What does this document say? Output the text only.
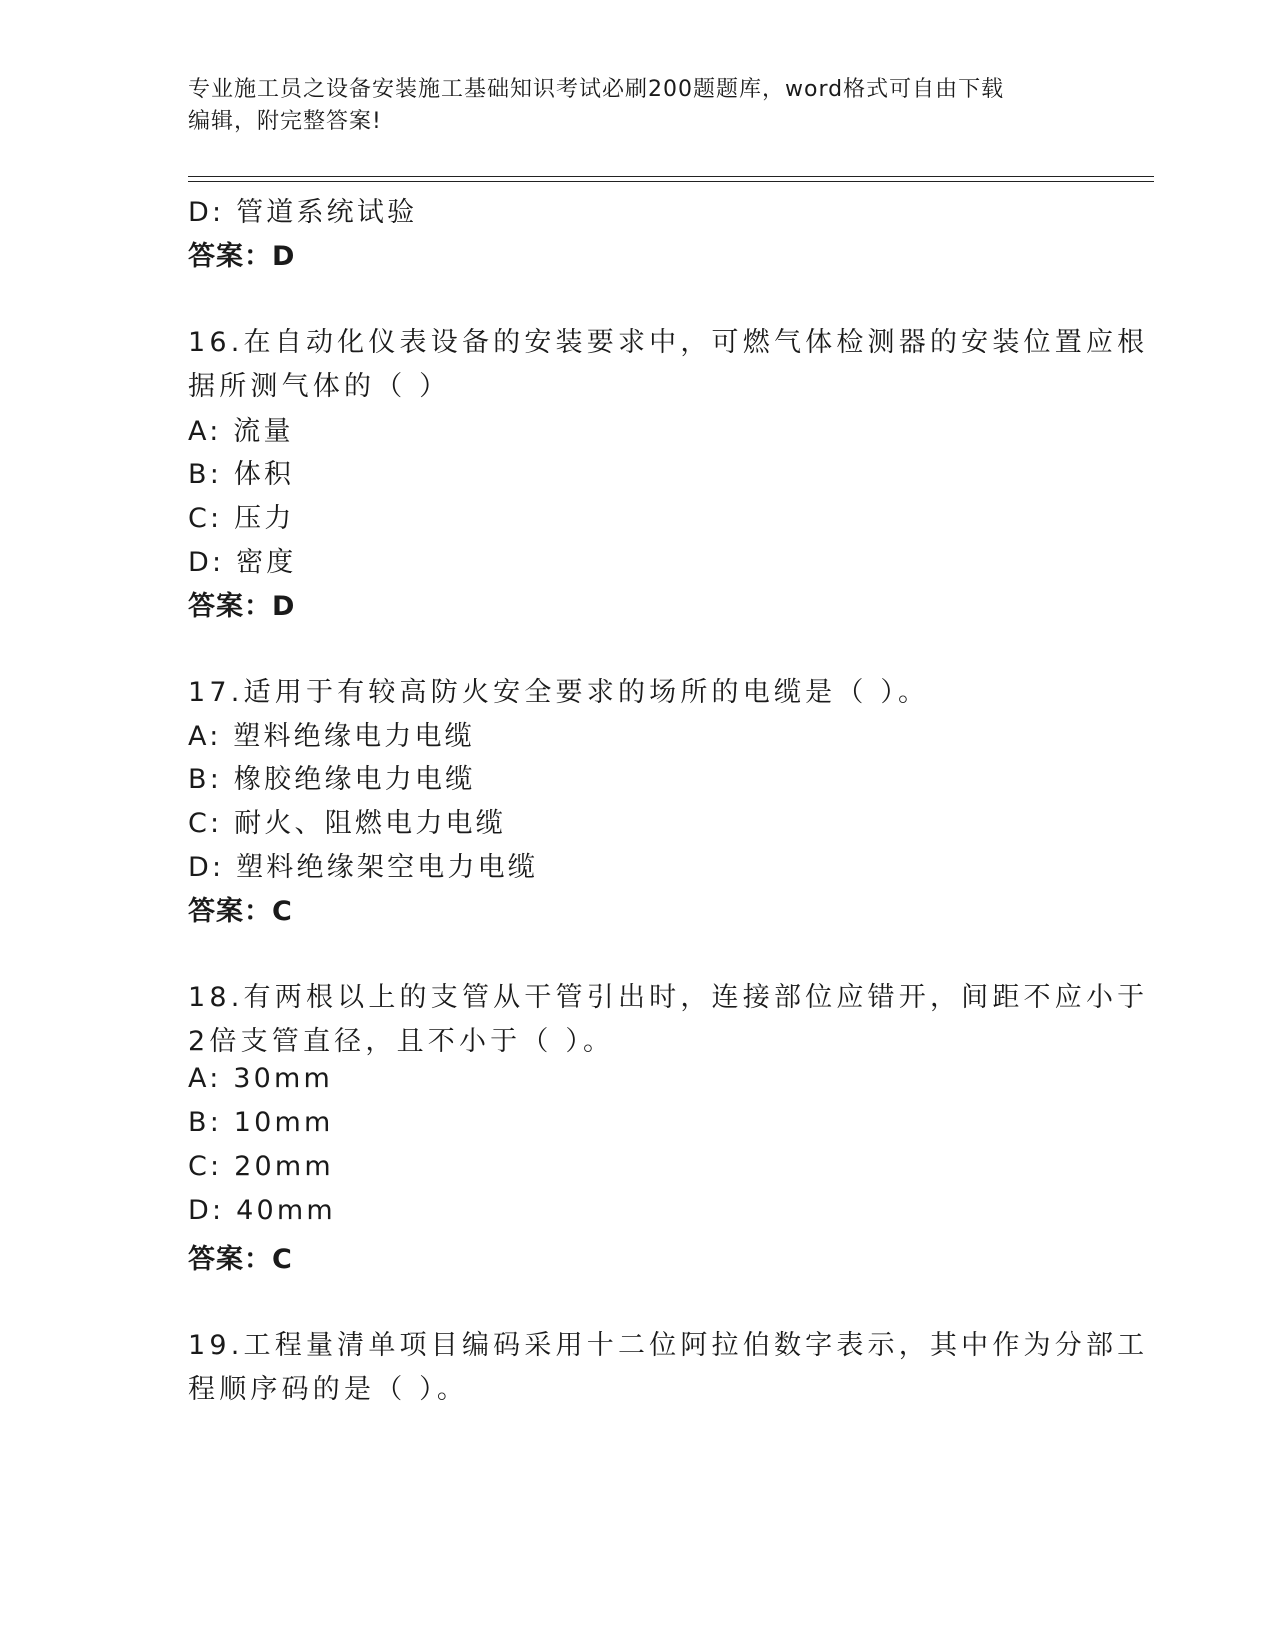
专业施工员之设备安装施工基础知识考试必刷200题题库，word格式可自由下载
编辑，附完整答案!
D: 管道系统试验
答案：D
16.在自动化仪表设备的安装要求中，可燃气体检测器的安装位置应根
据所测气体的（ ）
A: 流量
B: 体积
C: 压力
D: 密度
答案：D
17.适用于有较高防火安全要求的场所的电缆是（ ）。
A: 塑料绝缘电力电缆
B: 橡胶绝缘电力电缆
C: 耐火、阻燃电力电缆
D: 塑料绝缘架空电力电缆
答案：C
18.有两根以上的支管从干管引出时，连接部位应错开，间距不应小于
2倍支管直径，且不小于（ ）。
A: 30mm
B: 10mm
C: 20mm
D: 40mm
答案：C
19.工程量清单项目编码采用十二位阿拉伯数字表示，其中作为分部工
程顺序码的是（ ）。
